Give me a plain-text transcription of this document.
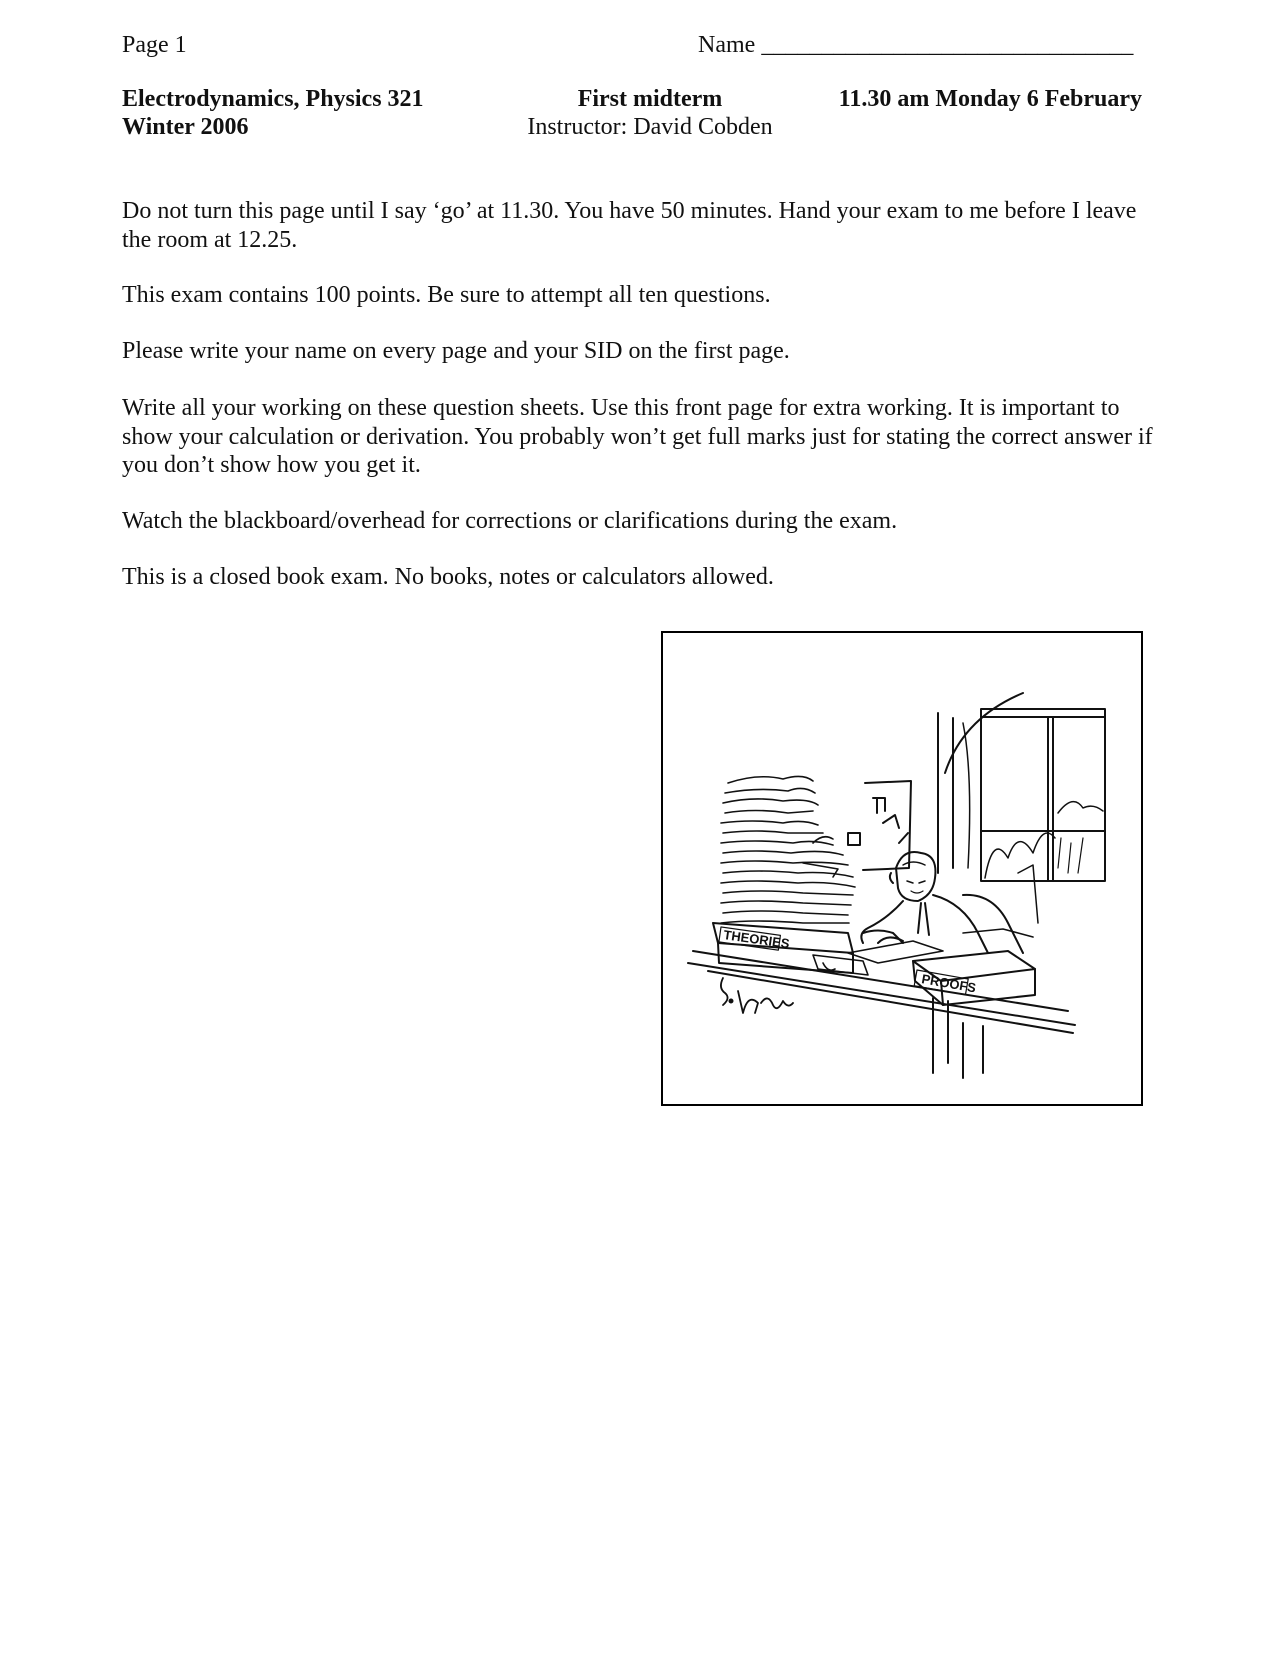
Page 1	Name _______________________________
Electrodynamics, Physics 321
Winter 2006
First midterm
Instructor: David Cobden
11.30 am Monday 6 February

Do not turn this page until I say ‘go’ at 11.30. You have 50 minutes. Hand your exam to me before I leave the room at 12.25.

This exam contains 100 points. Be sure to attempt all ten questions.

Please write your name on every page and your SID on the first page.

Write all your working on these question sheets. Use this front page for extra working. It is important to show your calculation or derivation. You probably won’t get full marks just for stating the correct answer if you don’t show how you get it.

Watch the blackboard/overhead for corrections or clarifications during the exam.

This is a closed book exam. No books, notes or calculators allowed.

THEORIES
PROOFS
